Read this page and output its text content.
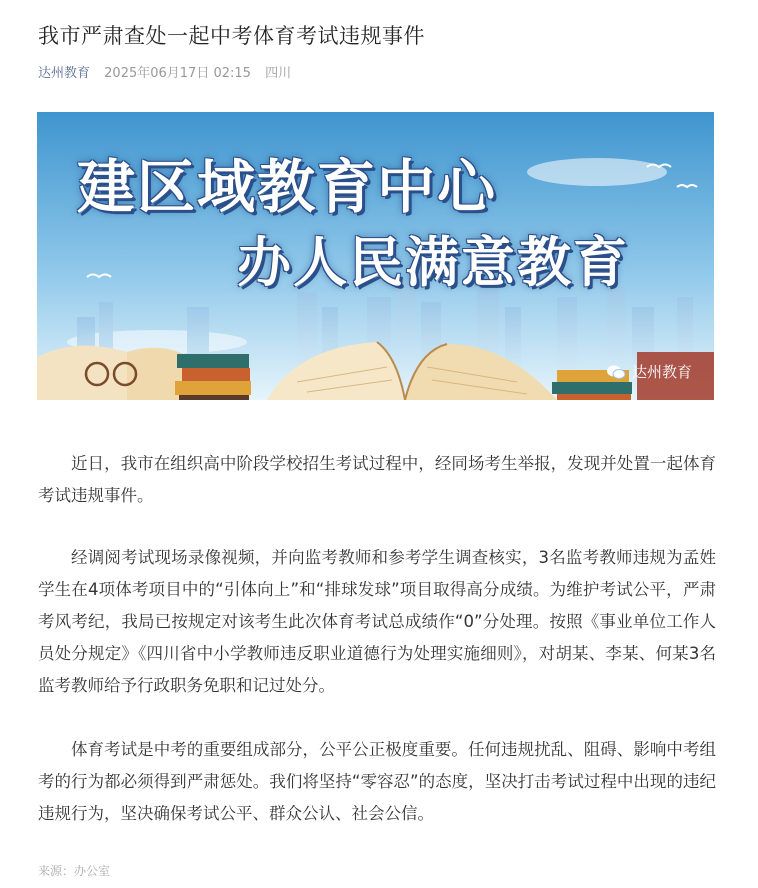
我市严肃查处一起中考体育考试违规事件
达州教育 2025年06月17日 02:15 四川
建区域教育中心
办人民满意教育
达州教育

近日，我市在组织高中阶段学校招生考试过程中，经同场考生举报，发现并处置一起体育考试违规事件。

经调阅考试现场录像视频，并向监考教师和参考学生调查核实，3名监考教师违规为孟姓学生在4项体考项目中的“引体向上”和“排球发球”项目取得高分成绩。为维护考试公平，严肃考风考纪，我局已按规定对该考生此次体育考试总成绩作“0”分处理。按照《事业单位工作人员处分规定》《四川省中小学教师违反职业道德行为处理实施细则》，对胡某、李某、何某3名监考教师给予行政职务免职和记过处分。

体育考试是中考的重要组成部分，公平公正极度重要。任何违规扰乱、阻碍、影响中考组考的行为都必须得到严肃惩处。我们将坚持“零容忍”的态度，坚决打击考试过程中出现的违纪违规行为，坚决确保考试公平、群众公认、社会公信。

来源：办公室
